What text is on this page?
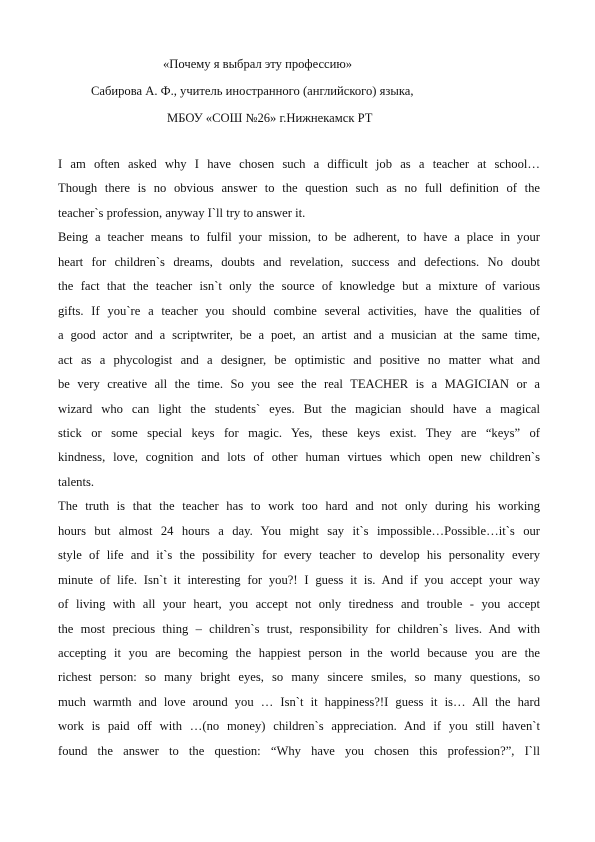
«Почему я выбрал эту профессию»
Сабирова А. Ф., учитель иностранного (английского) языка,
МБОУ «СОШ №26» г.Нижнекамск РТ
I am often asked why I have chosen such a difficult job as a teacher at school…
Though there is no obvious answer to the question such as no full definition of the
teacher`s profession, anyway I`ll try to answer it.
Being a teacher means to fulfil your mission, to be adherent, to have a place in your
heart for children`s dreams, doubts and revelation, success and defections. No doubt
the fact that the teacher isn`t only the source of knowledge but a mixture of various
gifts. If you`re a teacher you should combine several activities, have the qualities of
a good actor and a scriptwriter, be a poet, an artist and a musician at the same time,
act as a phycologist and a designer, be optimistic and positive no matter what and
be very creative all the time. So you see the real TEACHER is a MAGICIAN or a
wizard who can light the students` eyes. But the magician should have a magical
stick or some special keys for magic. Yes, these keys exist. They are “keys” of
kindness, love, cognition and lots of other human virtues which open new children`s
talents.
The truth is that the teacher has to work too hard and not only during his working
hours but almost 24 hours a day. You might say it`s impossible…Possible…it`s our
style of life and it`s the possibility for every teacher to develop his personality every
minute of life. Isn`t it interesting for you?! I guess it is. And if you accept your way
of living with all your heart, you accept not only tiredness and trouble - you accept
the most precious thing – children`s trust, responsibility for children`s lives. And with
accepting it you are becoming the happiest person in the world because you are the
richest person: so many bright eyes, so many sincere smiles, so many questions, so
much warmth and love around you … Isn`t it happiness?!I guess it is… All the hard
work is paid off with …(no money) children`s appreciation. And if you still haven`t
found the answer to the question: “Why have you chosen this profession?”, I`ll
